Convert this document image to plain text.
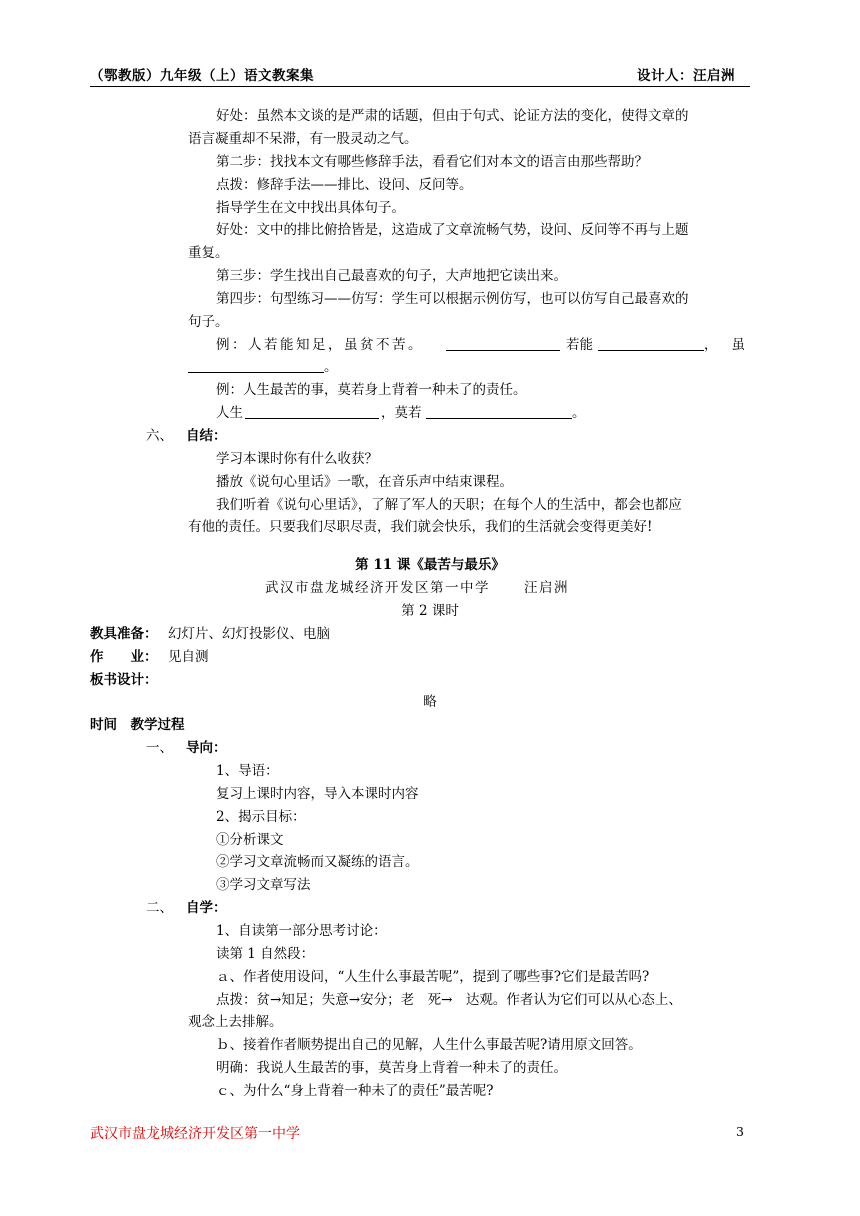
（鄂教版）九年级（上）语文教案集	设计人：汪启洲
好处：虽然本文谈的是严肃的话题，但由于句式、论证方法的变化，使得文章的
语言凝重却不呆滞，有一股灵动之气。
第二步：找找本文有哪些修辞手法，看看它们对本文的语言由那些帮助？
点拨：修辞手法——排比、设问、反问等。
指导学生在文中找出具体句子。
好处：文中的排比俯拾皆是，这造成了文章流畅气势，设问、反问等不再与上题
重复。
第三步：学生找出自己最喜欢的句子，大声地把它读出来。
第四步：句型练习——仿写：学生可以根据示例仿写，也可以仿写自己最喜欢的
句子。
例：人若能知足，虽贫不苦。	若能	，虽
。
例：人生最苦的事，莫若身上背着一种未了的责任。
人生	，莫若	。
六、 自结：
学习本课时你有什么收获？
播放《说句心里话》一歌，在音乐声中结束课程。
我们听着《说句心里话》，了解了军人的天职；在每个人的生活中，都会也都应
有他的责任。只要我们尽职尽责，我们就会快乐，我们的生活就会变得更美好!
第 11 课《最苦与最乐》
武汉市盘龙城经济开发区第一中学	汪启洲
第 2 课时
教具准备： 幻灯片、幻灯投影仪、电脑
作　　业： 见自测
板书设计：
略
时间　教学过程
一、 导向：
1、导语：
复习上课时内容，导入本课时内容
2、揭示目标：
①分析课文
②学习文章流畅而又凝练的语言。
③学习文章写法
二、 自学：
1、自读第一部分思考讨论：
读第 1 自然段：
ａ、作者使用设问，“人生什么事最苦呢”，提到了哪些事?它们是最苦吗?
点拨：贫→知足；失意→安分；老　死→　达观。作者认为它们可以从心态上、
观念上去排解。
ｂ、接着作者顺势提出自己的见解，人生什么事最苦呢?请用原文回答。
明确：我说人生最苦的事，莫苦身上背着一种未了的责任。
ｃ、为什么“身上背着一种未了的责任”最苦呢?
武汉市盘龙城经济开发区第一中学	3
